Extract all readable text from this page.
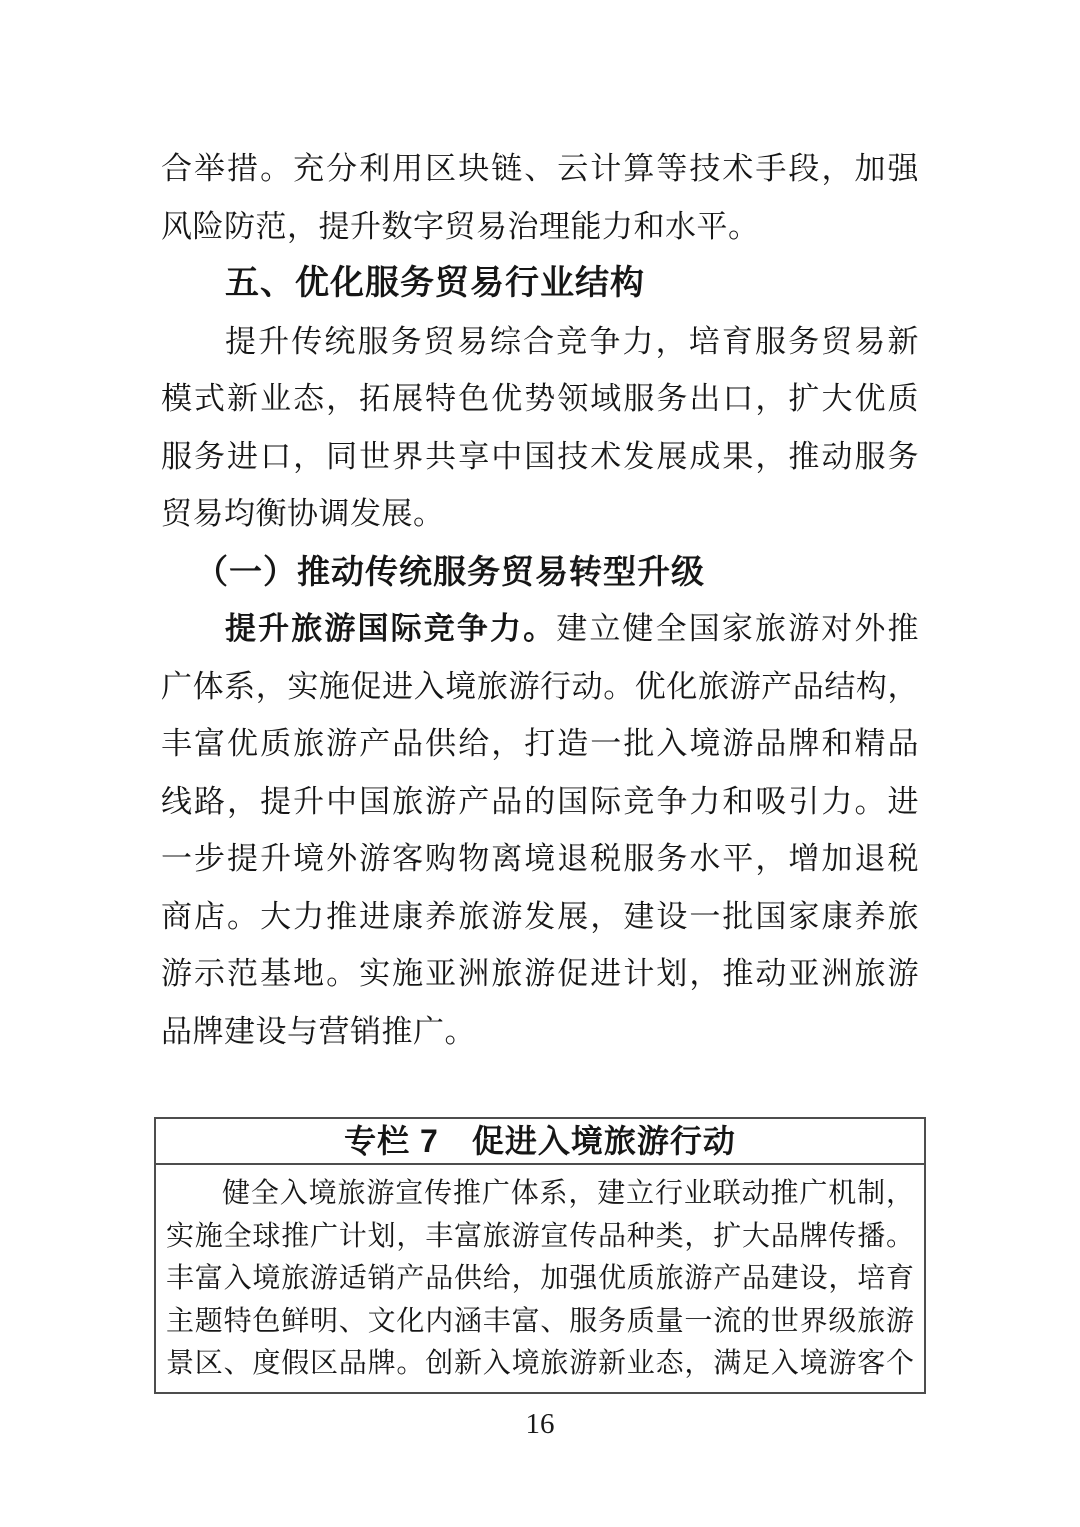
合举措。充分利用区块链、云计算等技术手段，加强
风险防范，提升数字贸易治理能力和水平。
五、优化服务贸易行业结构
提升传统服务贸易综合竞争力，培育服务贸易新
模式新业态，拓展特色优势领域服务出口，扩大优质
服务进口，同世界共享中国技术发展成果，推动服务
贸易均衡协调发展。
（一）推动传统服务贸易转型升级
提升旅游国际竞争力。建立健全国家旅游对外推
广体系，实施促进入境旅游行动。优化旅游产品结构，
丰富优质旅游产品供给，打造一批入境游品牌和精品
线路，提升中国旅游产品的国际竞争力和吸引力。进
一步提升境外游客购物离境退税服务水平，增加退税
商店。大力推进康养旅游发展，建设一批国家康养旅
游示范基地。实施亚洲旅游促进计划，推动亚洲旅游
品牌建设与营销推广。
专栏 7　促进入境旅游行动
健全入境旅游宣传推广体系，建立行业联动推广机制，
实施全球推广计划，丰富旅游宣传品种类，扩大品牌传播。
丰富入境旅游适销产品供给，加强优质旅游产品建设，培育
主题特色鲜明、文化内涵丰富、服务质量一流的世界级旅游
景区、度假区品牌。创新入境旅游新业态，满足入境游客个
16
